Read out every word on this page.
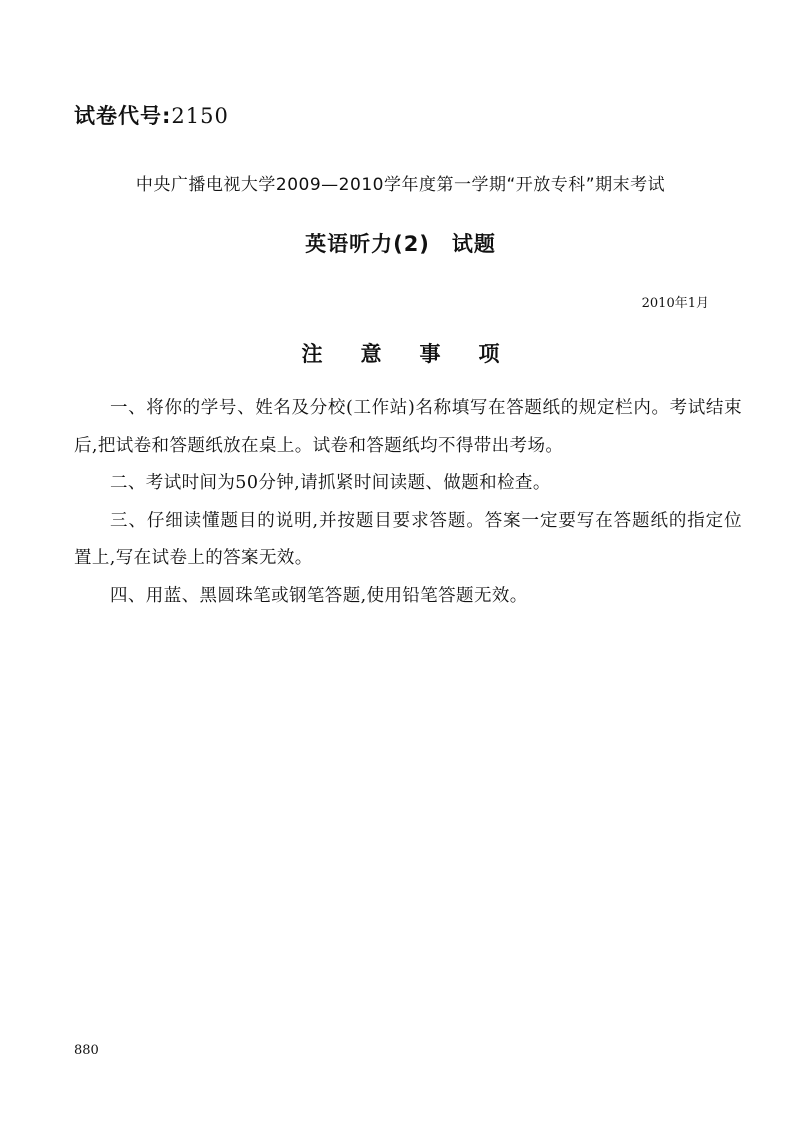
试卷代号:2150
中央广播电视大学2009—2010学年度第一学期“开放专科”期末考试
英语听力(2) 试题
2010年1月
注意事项

一、将你的学号、姓名及分校(工作站)名称填写在答题纸的规定栏内。考试结束后,把试卷和答题纸放在桌上。试卷和答题纸均不得带出考场。

二、考试时间为50分钟,请抓紧时间读题、做题和检查。

三、仔细读懂题目的说明,并按题目要求答题。答案一定要写在答题纸的指定位置上,写在试卷上的答案无效。

四、用蓝、黑圆珠笔或钢笔答题,使用铅笔答题无效。

880
